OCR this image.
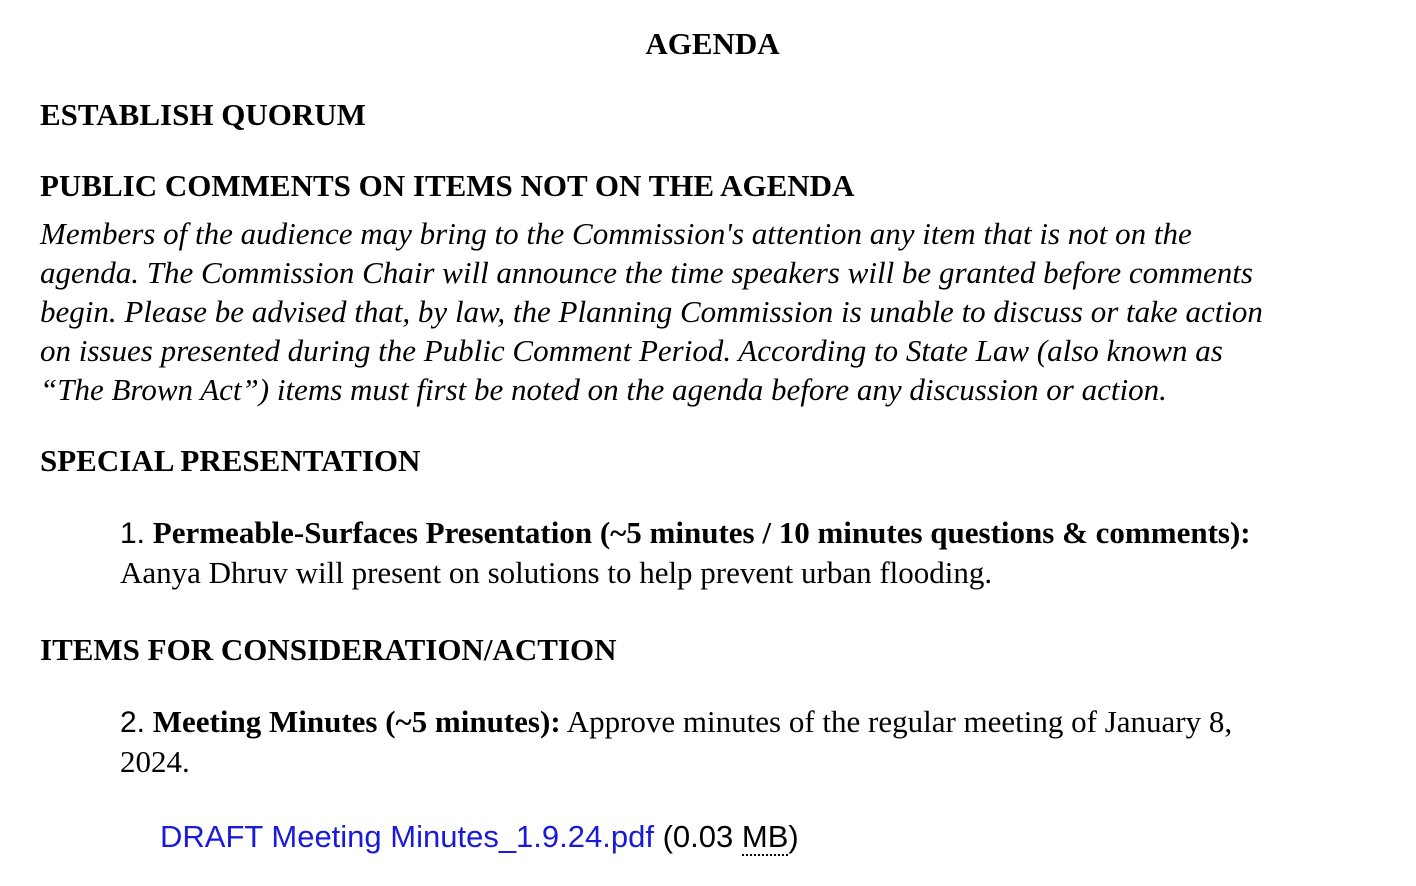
AGENDA
ESTABLISH QUORUM
PUBLIC COMMENTS ON ITEMS NOT ON THE AGENDA
Members of the audience may bring to the Commission's attention any item that is not on the
agenda. The Commission Chair will announce the time speakers will be granted before comments
begin. Please be advised that, by law, the Planning Commission is unable to discuss or take action
on issues presented during the Public Comment Period. According to State Law (also known as
“The Brown Act”) items must first be noted on the agenda before any discussion or action.
SPECIAL PRESENTATION
1. Permeable-Surfaces Presentation (~5 minutes / 10 minutes questions & comments):
Aanya Dhruv will present on solutions to help prevent urban flooding.
ITEMS FOR CONSIDERATION/ACTION
2. Meeting Minutes (~5 minutes): Approve minutes of the regular meeting of January 8,
2024.
DRAFT Meeting Minutes_1.9.24.pdf (0.03 MB)
